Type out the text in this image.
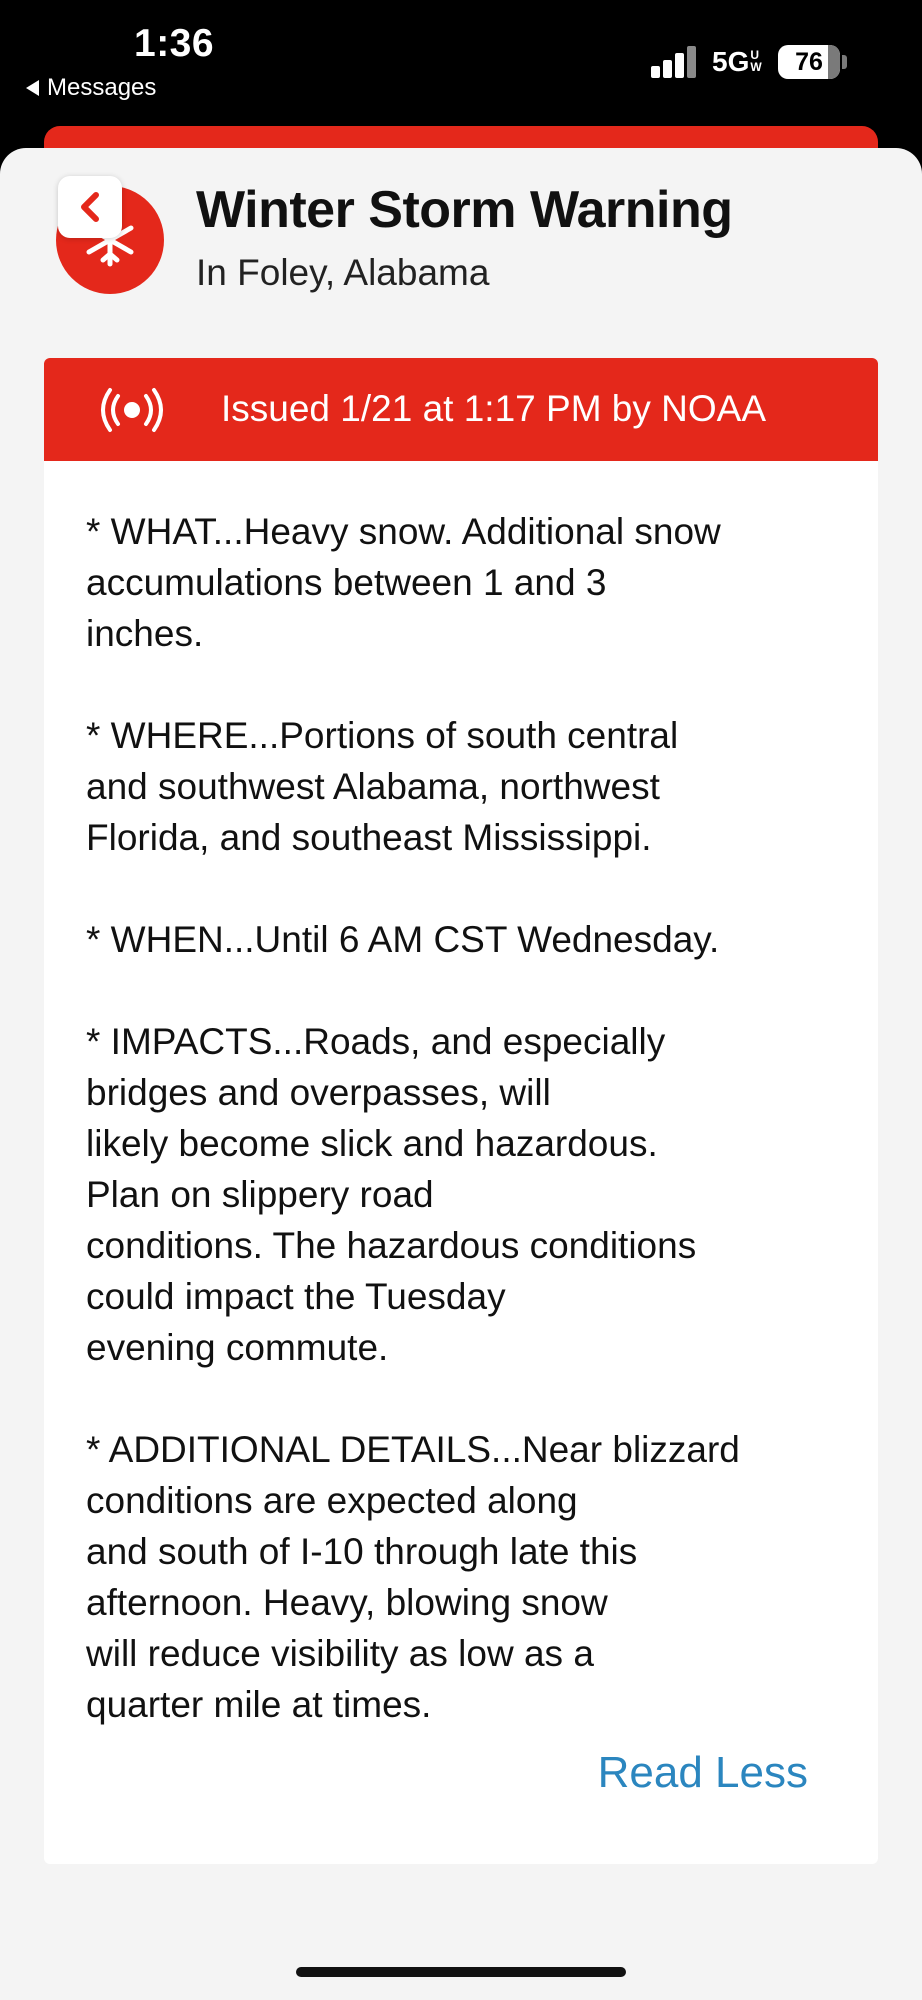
1:36
Messages
5G U
W	76
Winter Storm Warning
In Foley, Alabama
Issued 1/21 at 1:17 PM by NOAA

* WHAT...Heavy snow. Additional snow
accumulations between 1 and 3
inches.

* WHERE...Portions of south central
and southwest Alabama, northwest
Florida, and southeast Mississippi.

* WHEN...Until 6 AM CST Wednesday.

* IMPACTS...Roads, and especially
bridges and overpasses, will
likely become slick and hazardous.
Plan on slippery road
conditions. The hazardous conditions
could impact the Tuesday
evening commute.

* ADDITIONAL DETAILS...Near blizzard
conditions are expected along
and south of I-10 through late this
afternoon. Heavy, blowing snow
will reduce visibility as low as a
quarter mile at times.

Read Less
